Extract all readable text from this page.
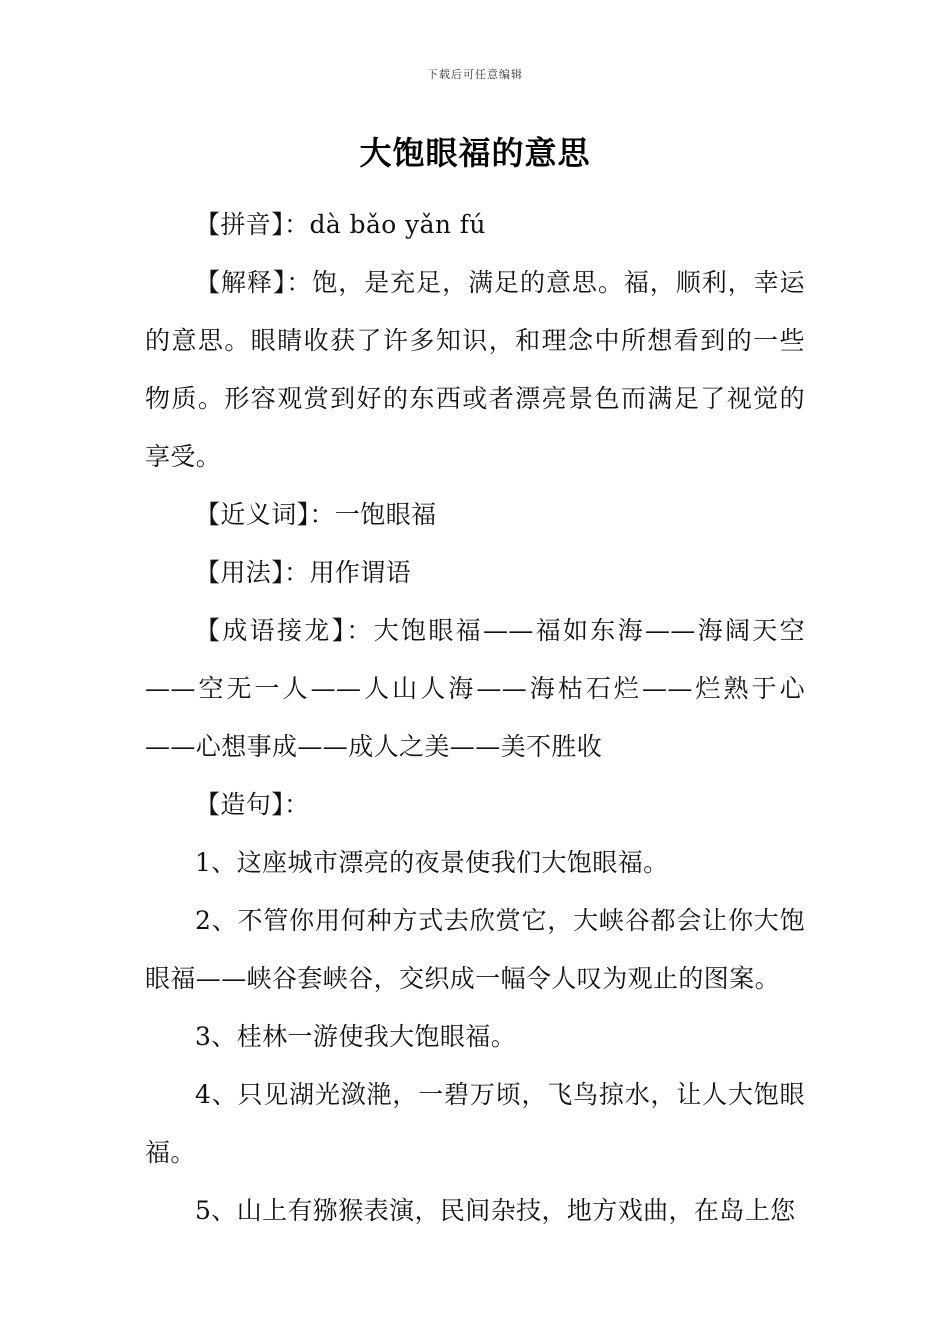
下载后可任意编辑
大饱眼福的意思

【拼音】：dà bǎo yǎn fú

【解释】：饱，是充足，满足的意思。福，顺利，幸运的意思。眼睛收获了许多知识，和理念中所想看到的一些物质。形容观赏到好的东西或者漂亮景色而满足了视觉的享受。

【近义词】：一饱眼福

【用法】：用作谓语

【成语接龙】：大饱眼福——福如东海——海阔天空——空无一人——人山人海——海枯石烂——烂熟于心——心想事成——成人之美——美不胜收

【造句】：

1、这座城市漂亮的夜景使我们大饱眼福。

2、不管你用何种方式去欣赏它，大峡谷都会让你大饱眼福——峡谷套峡谷，交织成一幅令人叹为观止的图案。

3、桂林一游使我大饱眼福。

4、只见湖光潋滟，一碧万顷，飞鸟掠水，让人大饱眼福。

5、山上有猕猴表演，民间杂技，地方戏曲，在岛上您
